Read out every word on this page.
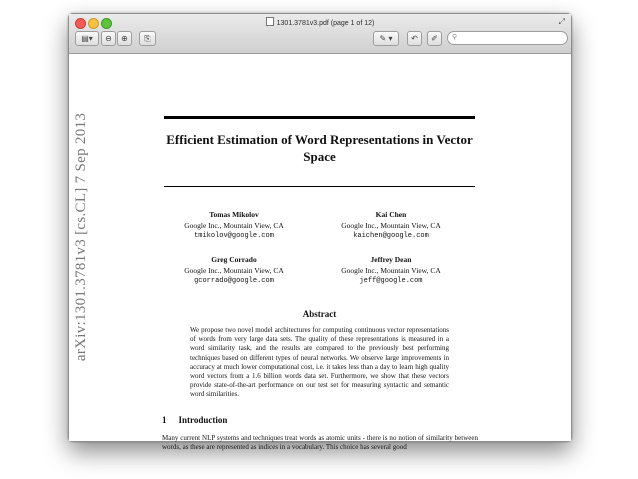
1301.3781v3.pdf (page 1 of 12)	⤢
▤▾	⊖	⊕	⎘	✎ ▾	↶	✐	⚲
arXiv:1301.3781v3 [cs.CL] 7 Sep 2013	Efficient Estimation of Word Representations in Vector Space
Tomas Mikolov
Google Inc., Mountain View, CA
tmikolov@google.com
Kai Chen
Google Inc., Mountain View, CA
kaichen@google.com
Greg Corrado
Google Inc., Mountain View, CA
gcorrado@google.com
Jeffrey Dean
Google Inc., Mountain View, CA
jeff@google.com
Abstract
We propose two novel model architectures for computing continuous vector representations of words from very large data sets. The quality of these representations is measured in a word similarity task, and the results are compared to the previously best performing techniques based on different types of neural networks. We observe large improvements in accuracy at much lower computational cost, i.e. it takes less than a day to learn high quality word vectors from a 1.6 billion words data set. Furthermore, we show that these vectors provide state-of-the-art performance on our test set for measuring syntactic and semantic word similarities.
1 Introduction
Many current NLP systems and techniques treat words as atomic units - there is no notion of similarity between words, as these are represented as indices in a vocabulary. This choice has several good
